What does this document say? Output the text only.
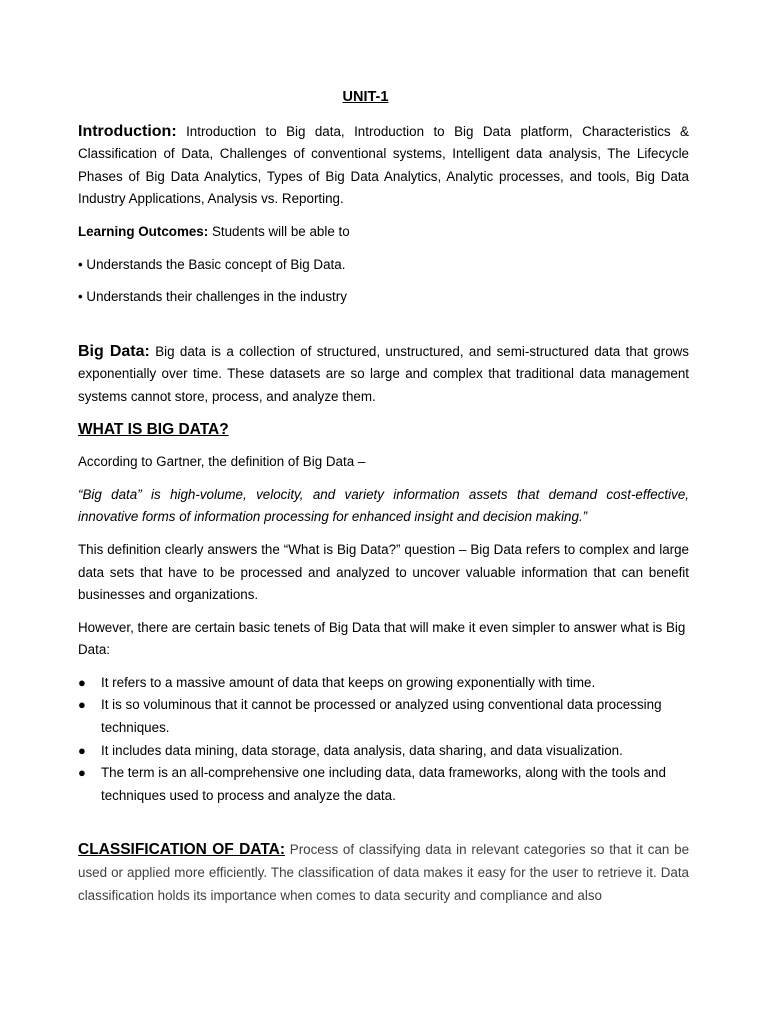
UNIT-1

Introduction: Introduction to Big data, Introduction to Big Data platform, Characteristics & Classification of Data, Challenges of conventional systems, Intelligent data analysis, The Lifecycle Phases of Big Data Analytics, Types of Big Data Analytics, Analytic processes, and tools, Big Data Industry Applications, Analysis vs. Reporting.

Learning Outcomes: Students will be able to

• Understands the Basic concept of Big Data.

• Understands their challenges in the industry

Big Data: Big data is a collection of structured, unstructured, and semi-structured data that grows exponentially over time. These datasets are so large and complex that traditional data management systems cannot store, process, and analyze them.

WHAT IS BIG DATA?

According to Gartner, the definition of Big Data –

“Big data” is high-volume, velocity, and variety information assets that demand cost-effective, innovative forms of information processing for enhanced insight and decision making.”

This definition clearly answers the “What is Big Data?” question – Big Data refers to complex and large data sets that have to be processed and analyzed to uncover valuable information that can benefit businesses and organizations.

However, there are certain basic tenets of Big Data that will make it even simpler to answer what is Big Data:

● It refers to a massive amount of data that keeps on growing exponentially with time.
● It is so voluminous that it cannot be processed or analyzed using conventional data processing techniques.
● It includes data mining, data storage, data analysis, data sharing, and data visualization.
● The term is an all-comprehensive one including data, data frameworks, along with the tools and techniques used to process and analyze the data.

CLASSIFICATION OF DATA: Process of classifying data in relevant categories so that it can be used or applied more efficiently. The classification of data makes it easy for the user to retrieve it. Data classification holds its importance when comes to data security and compliance and also
